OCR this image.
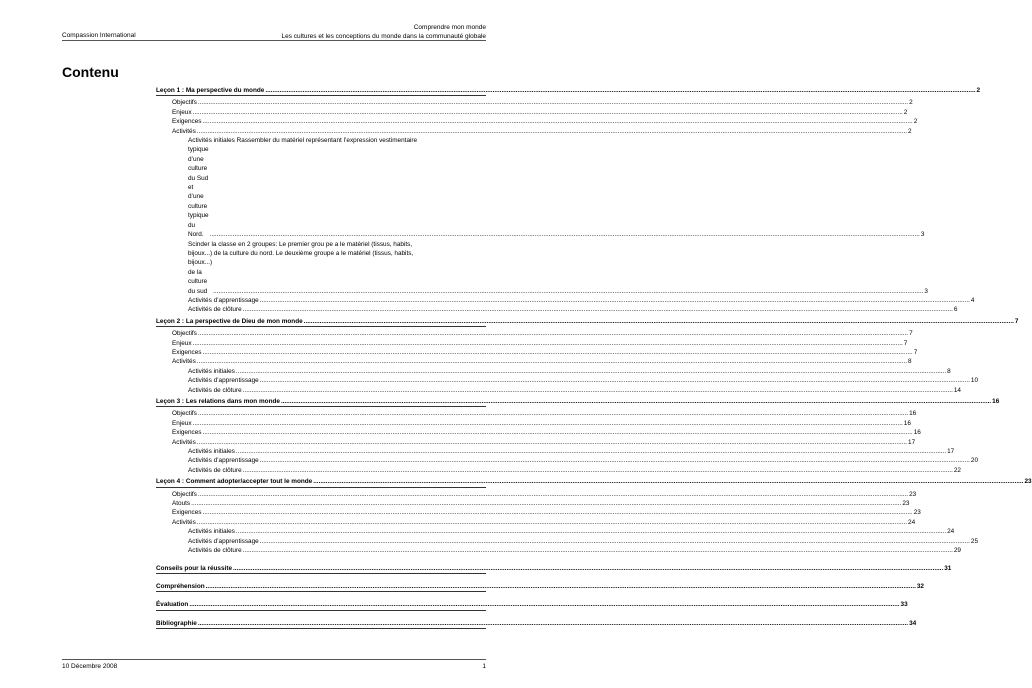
Compassion International
Comprendre mon monde
Les cultures et les conceptions du monde dans la communauté globale
Contenu
Leçon 1 : Ma perspective du monde ................................................................................................................................................................................................................................................................................................................................................................................................................ 2
Objectifs ................................................................................................................................................................................................................................................................................................................................................................................................................ 2
Enjeux ................................................................................................................................................................................................................................................................................................................................................................................................................ 2
Exigences ................................................................................................................................................................................................................................................................................................................................................................................................................ 2
Activités ................................................................................................................................................................................................................................................................................................................................................................................................................ 2
Activités initiales Rassembler du matériel représentant l’expression vestimentaire
typique d’une culture du Sud et d’une culture typique du Nord. ................................................................................................................................................................................................................................................................................................................................................................................................................ 3
Scinder la classe en 2 groupes: Le premier grou pe a le matériel (tissus, habits,
bijoux...) de la culture du nord. Le deuxième groupe a le matériel (tissus, habits,
bijoux...) de la culture du sud ................................................................................................................................................................................................................................................................................................................................................................................................................ 3
Activités d’apprentissage ................................................................................................................................................................................................................................................................................................................................................................................................................ 4
Activités de clôture ................................................................................................................................................................................................................................................................................................................................................................................................................ 6
Leçon 2 : La perspective de Dieu de mon monde ................................................................................................................................................................................................................................................................................................................................................................................................................ 7
Objectifs ................................................................................................................................................................................................................................................................................................................................................................................................................ 7
Enjeux ................................................................................................................................................................................................................................................................................................................................................................................................................ 7
Exigences ................................................................................................................................................................................................................................................................................................................................................................................................................ 7
Activités ................................................................................................................................................................................................................................................................................................................................................................................................................ 8
Activités initiales ................................................................................................................................................................................................................................................................................................................................................................................................................ 8
Activités d’apprentissage ................................................................................................................................................................................................................................................................................................................................................................................................................ 10
Activités de clôture ................................................................................................................................................................................................................................................................................................................................................................................................................ 14
Leçon 3 : Les relations dans mon monde ................................................................................................................................................................................................................................................................................................................................................................................................................ 16
Objectifs ................................................................................................................................................................................................................................................................................................................................................................................................................ 16
Enjeux ................................................................................................................................................................................................................................................................................................................................................................................................................ 16
Exigences ................................................................................................................................................................................................................................................................................................................................................................................................................ 16
Activités ................................................................................................................................................................................................................................................................................................................................................................................................................ 17
Activités initiales ................................................................................................................................................................................................................................................................................................................................................................................................................ 17
Activités d’apprentissage ................................................................................................................................................................................................................................................................................................................................................................................................................ 20
Activités de clôture ................................................................................................................................................................................................................................................................................................................................................................................................................ 22
Leçon 4 : Comment adopter/accepter tout le monde ................................................................................................................................................................................................................................................................................................................................................................................................................ 23
Objectifs ................................................................................................................................................................................................................................................................................................................................................................................................................ 23
Atouts ................................................................................................................................................................................................................................................................................................................................................................................................................ 23
Exigences ................................................................................................................................................................................................................................................................................................................................................................................................................ 23
Activités ................................................................................................................................................................................................................................................................................................................................................................................................................ 24
Activités initiales ................................................................................................................................................................................................................................................................................................................................................................................................................ 24
Activités d’apprentissage ................................................................................................................................................................................................................................................................................................................................................................................................................ 25
Activités de clôture ................................................................................................................................................................................................................................................................................................................................................................................................................ 29
Conseils pour la réussite ................................................................................................................................................................................................................................................................................................................................................................................................................ 31
Compréhension ................................................................................................................................................................................................................................................................................................................................................................................................................ 32
Évaluation ................................................................................................................................................................................................................................................................................................................................................................................................................ 33
Bibliographie ................................................................................................................................................................................................................................................................................................................................................................................................................ 34
10 Décembre 2008	1
